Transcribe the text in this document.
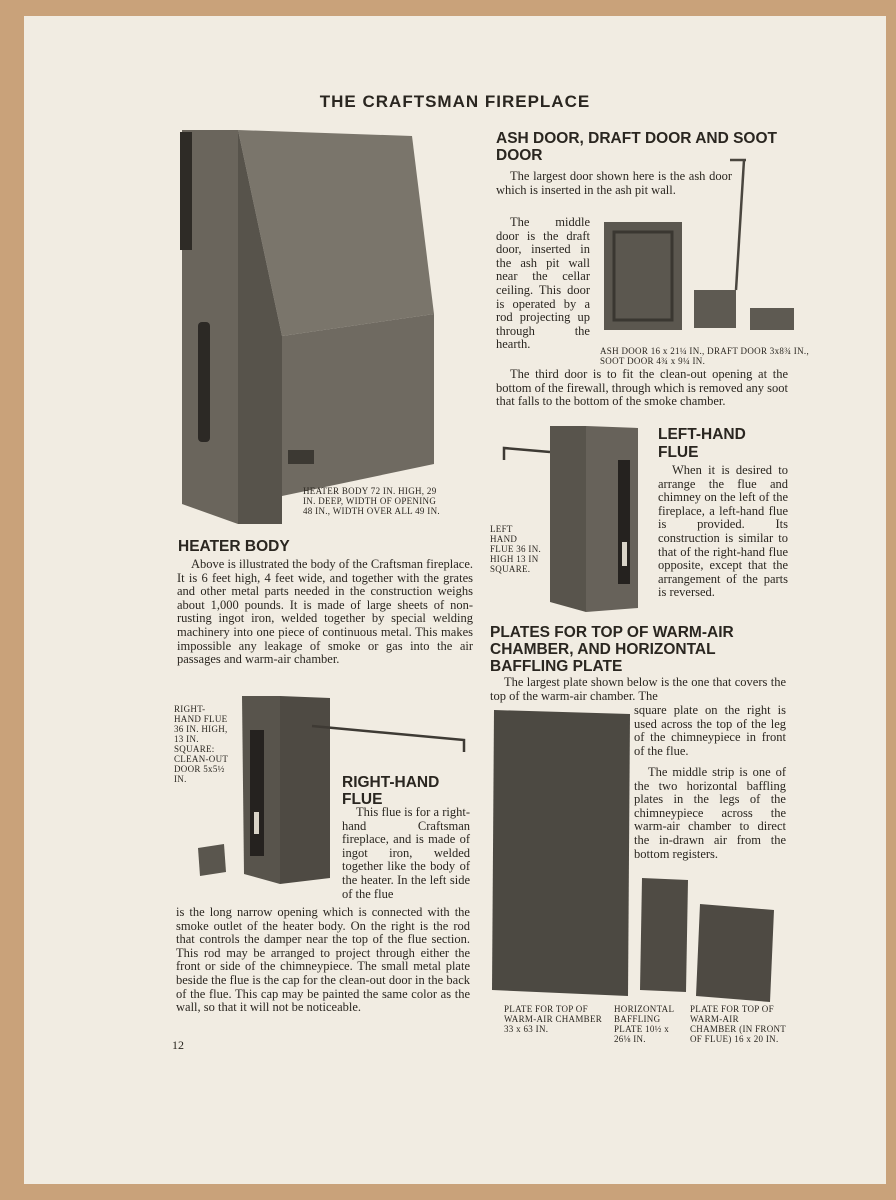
THE CRAFTSMAN FIREPLACE
HEATER BODY 72 IN. HIGH, 29 IN. DEEP, WIDTH OF OPENING 48 IN., WIDTH OVER ALL 49 IN.
HEATER BODY
Above is illustrated the body of the Craftsman fireplace. It is 6 feet high, 4 feet wide, and together with the grates and other metal parts needed in the construction weighs about 1,000 pounds. It is made of large sheets of non-rusting ingot iron, welded together by special welding machinery into one piece of continuous metal. This makes impossible any leakage of smoke or gas into the air passages and warm-air chamber.
ASH DOOR, DRAFT DOOR AND SOOT DOOR
The largest door shown here is the ash door which is inserted in the ash pit wall.
The middle door is the draft door, inserted in the ash pit wall near the cellar ceiling. This door is operated by a rod projecting up through the hearth.	ASH DOOR 16 x 21¼ IN., DRAFT DOOR 3x8¾ IN., SOOT DOOR 4¾ x 9¼ IN.
The third door is to fit the clean-out opening at the bottom of the firewall, through which is removed any soot that falls to the bottom of the smoke chamber.
LEFT HAND FLUE 36 IN. HIGH 13 IN SQUARE.
LEFT-HAND
FLUE
When it is desired to arrange the flue and chimney on the left of the fireplace, a left-hand flue is provided. Its construction is similar to that of the right-hand flue opposite, except that the arrangement of the parts is reversed.
PLATES FOR TOP OF WARM-AIR CHAMBER, AND HORIZONTAL BAFFLING PLATE
The largest plate shown below is the one that covers the top of the warm-air chamber. The
square plate on the right is used across the top of the leg of the chimneypiece in front of the flue.
The middle strip is one of the two horizontal baffling plates in the legs of the chimneypiece across the warm-air chamber to direct the in-drawn air from the bottom registers.
PLATE FOR TOP OF WARM-AIR CHAMBER 33 x 63 IN.
HORIZONTAL BAFFLING PLATE 10½ x 26⅛ IN.
PLATE FOR TOP OF WARM-AIR CHAMBER (IN FRONT OF FLUE) 16 x 20 IN.
RIGHT-HAND FLUE 36 IN. HIGH, 13 IN. SQUARE: CLEAN-OUT DOOR 5x5½ IN.	RIGHT-HAND
FLUE
This flue is for a right-hand Craftsman fireplace, and is made of ingot iron, welded together like the body of the heater. In the left side of the flue
is the long narrow opening which is connected with the smoke outlet of the heater body. On the right is the rod that controls the damper near the top of the flue section. This rod may be arranged to project through either the front or side of the chimneypiece. The small metal plate beside the flue is the cap for the clean-out door in the back of the flue. This cap may be painted the same color as the wall, so that it will not be noticeable.
12
